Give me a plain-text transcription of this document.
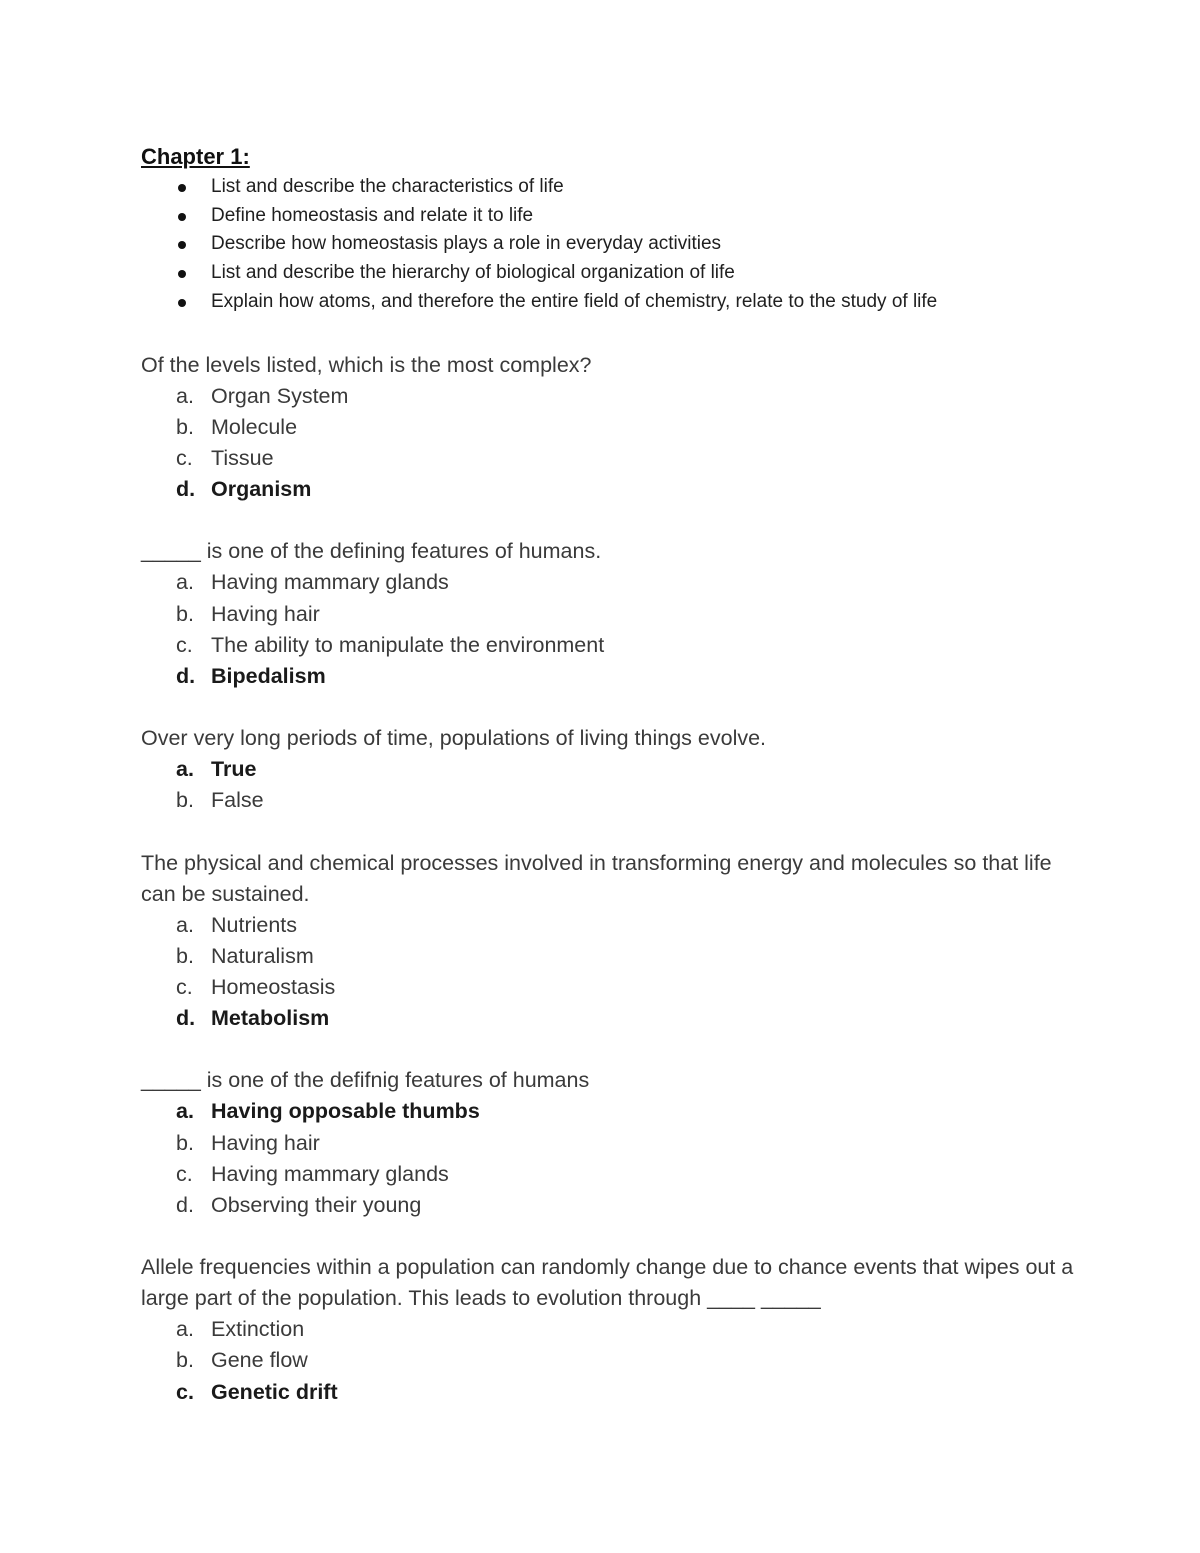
Chapter 1:
List and describe the characteristics of life
Define homeostasis and relate it to life
Describe how homeostasis plays a role in everyday activities
List and describe the hierarchy of biological organization of life
Explain how atoms, and therefore the entire field of chemistry, relate to the study of life
Of the levels listed, which is the most complex?
a. Organ System
b. Molecule
c. Tissue
d. Organism
_____ is one of the defining features of humans.
a. Having mammary glands
b. Having hair
c. The ability to manipulate the environment
d. Bipedalism
Over very long periods of time, populations of living things evolve.
a. True
b. False
The physical and chemical processes involved in transforming energy and molecules so that life can be sustained.
a. Nutrients
b. Naturalism
c. Homeostasis
d. Metabolism
_____ is one of the defifnig features of humans
a. Having opposable thumbs
b. Having hair
c. Having mammary glands
d. Observing their young
Allele frequencies within a population can randomly change due to chance events that wipes out a large part of the population. This leads to evolution through ____ _____
a. Extinction
b. Gene flow
c. Genetic drift
